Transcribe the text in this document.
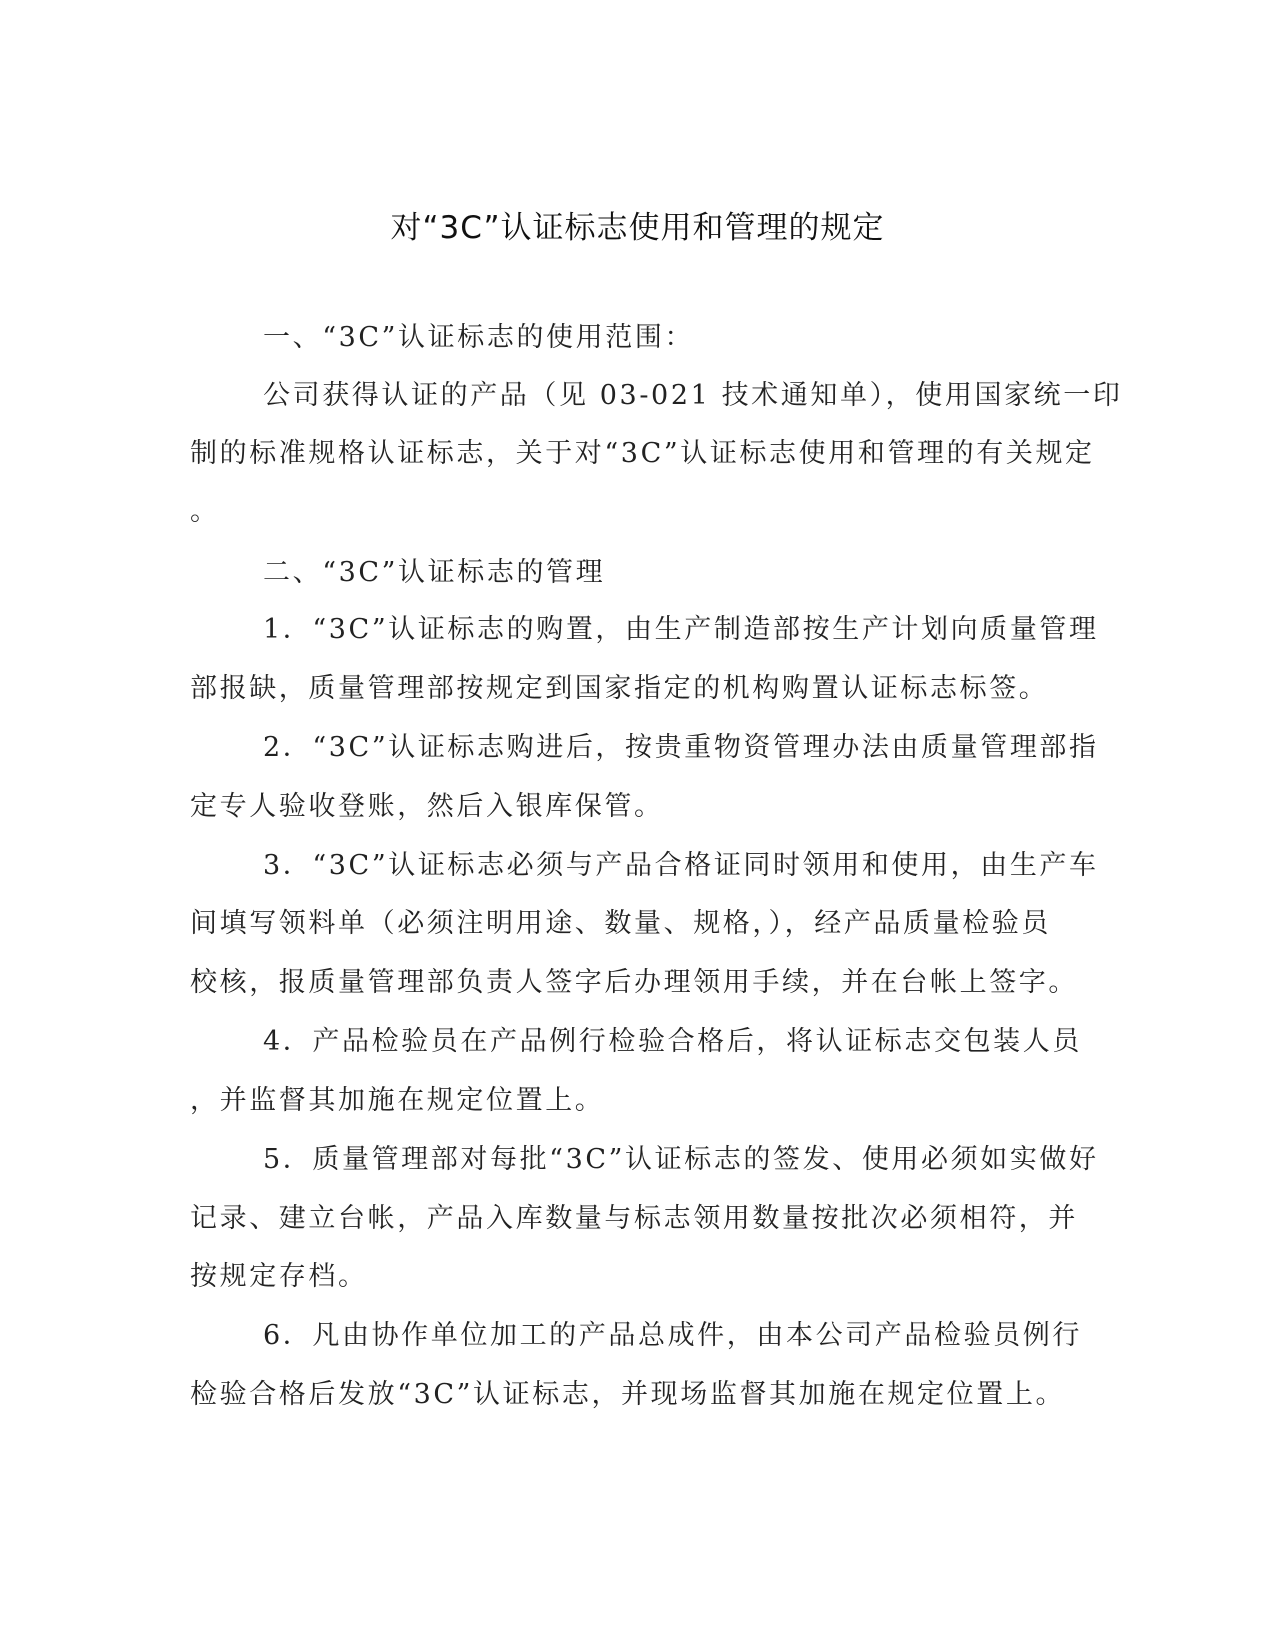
对“3C”认证标志使用和管理的规定
一、“3C”认证标志的使用范围：
公司获得认证的产品（见 03-021 技术通知单），使用国家统一印
制的标准规格认证标志，关于对“3C”认证标志使用和管理的有关规定
。
二、“3C”认证标志的管理
1．“3C”认证标志的购置，由生产制造部按生产计划向质量管理
部报缺，质量管理部按规定到国家指定的机构购置认证标志标签。
2．“3C”认证标志购进后，按贵重物资管理办法由质量管理部指
定专人验收登账，然后入银库保管。
3．“3C”认证标志必须与产品合格证同时领用和使用，由生产车
间填写领料单（必须注明用途、数量、规格，），经产品质量检验员
校核，报质量管理部负责人签字后办理领用手续，并在台帐上签字。
4．产品检验员在产品例行检验合格后，将认证标志交包装人员
，并监督其加施在规定位置上。
5．质量管理部对每批“3C”认证标志的签发、使用必须如实做好
记录、建立台帐，产品入库数量与标志领用数量按批次必须相符，并
按规定存档。
6．凡由协作单位加工的产品总成件，由本公司产品检验员例行
检验合格后发放“3C”认证标志，并现场监督其加施在规定位置上。
